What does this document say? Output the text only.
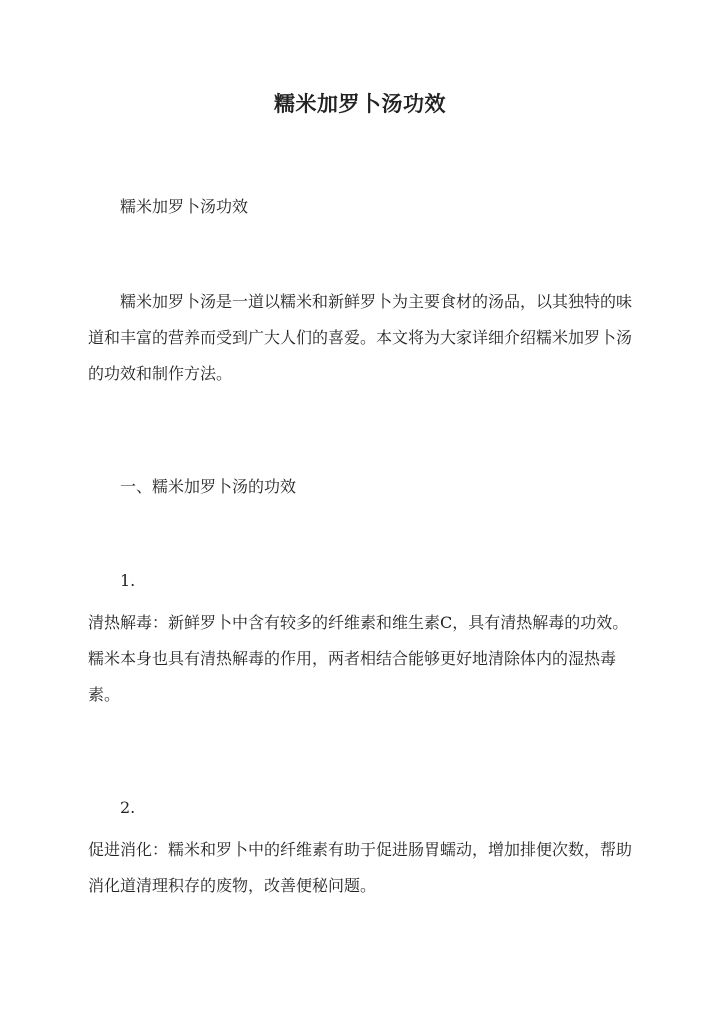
糯米加罗卜汤功效

糯米加罗卜汤功效

糯米加罗卜汤是一道以糯米和新鲜罗卜为主要食材的汤品，以其独特的味道和丰富的营养而受到广大人们的喜爱。本文将为大家详细介绍糯米加罗卜汤的功效和制作方法。

一、糯米加罗卜汤的功效

1.

清热解毒：新鲜罗卜中含有较多的纤维素和维生素C，具有清热解毒的功效。糯米本身也具有清热解毒的作用，两者相结合能够更好地清除体内的湿热毒素。

2.

促进消化：糯米和罗卜中的纤维素有助于促进肠胃蠕动，增加排便次数，帮助消化道清理积存的废物，改善便秘问题。
